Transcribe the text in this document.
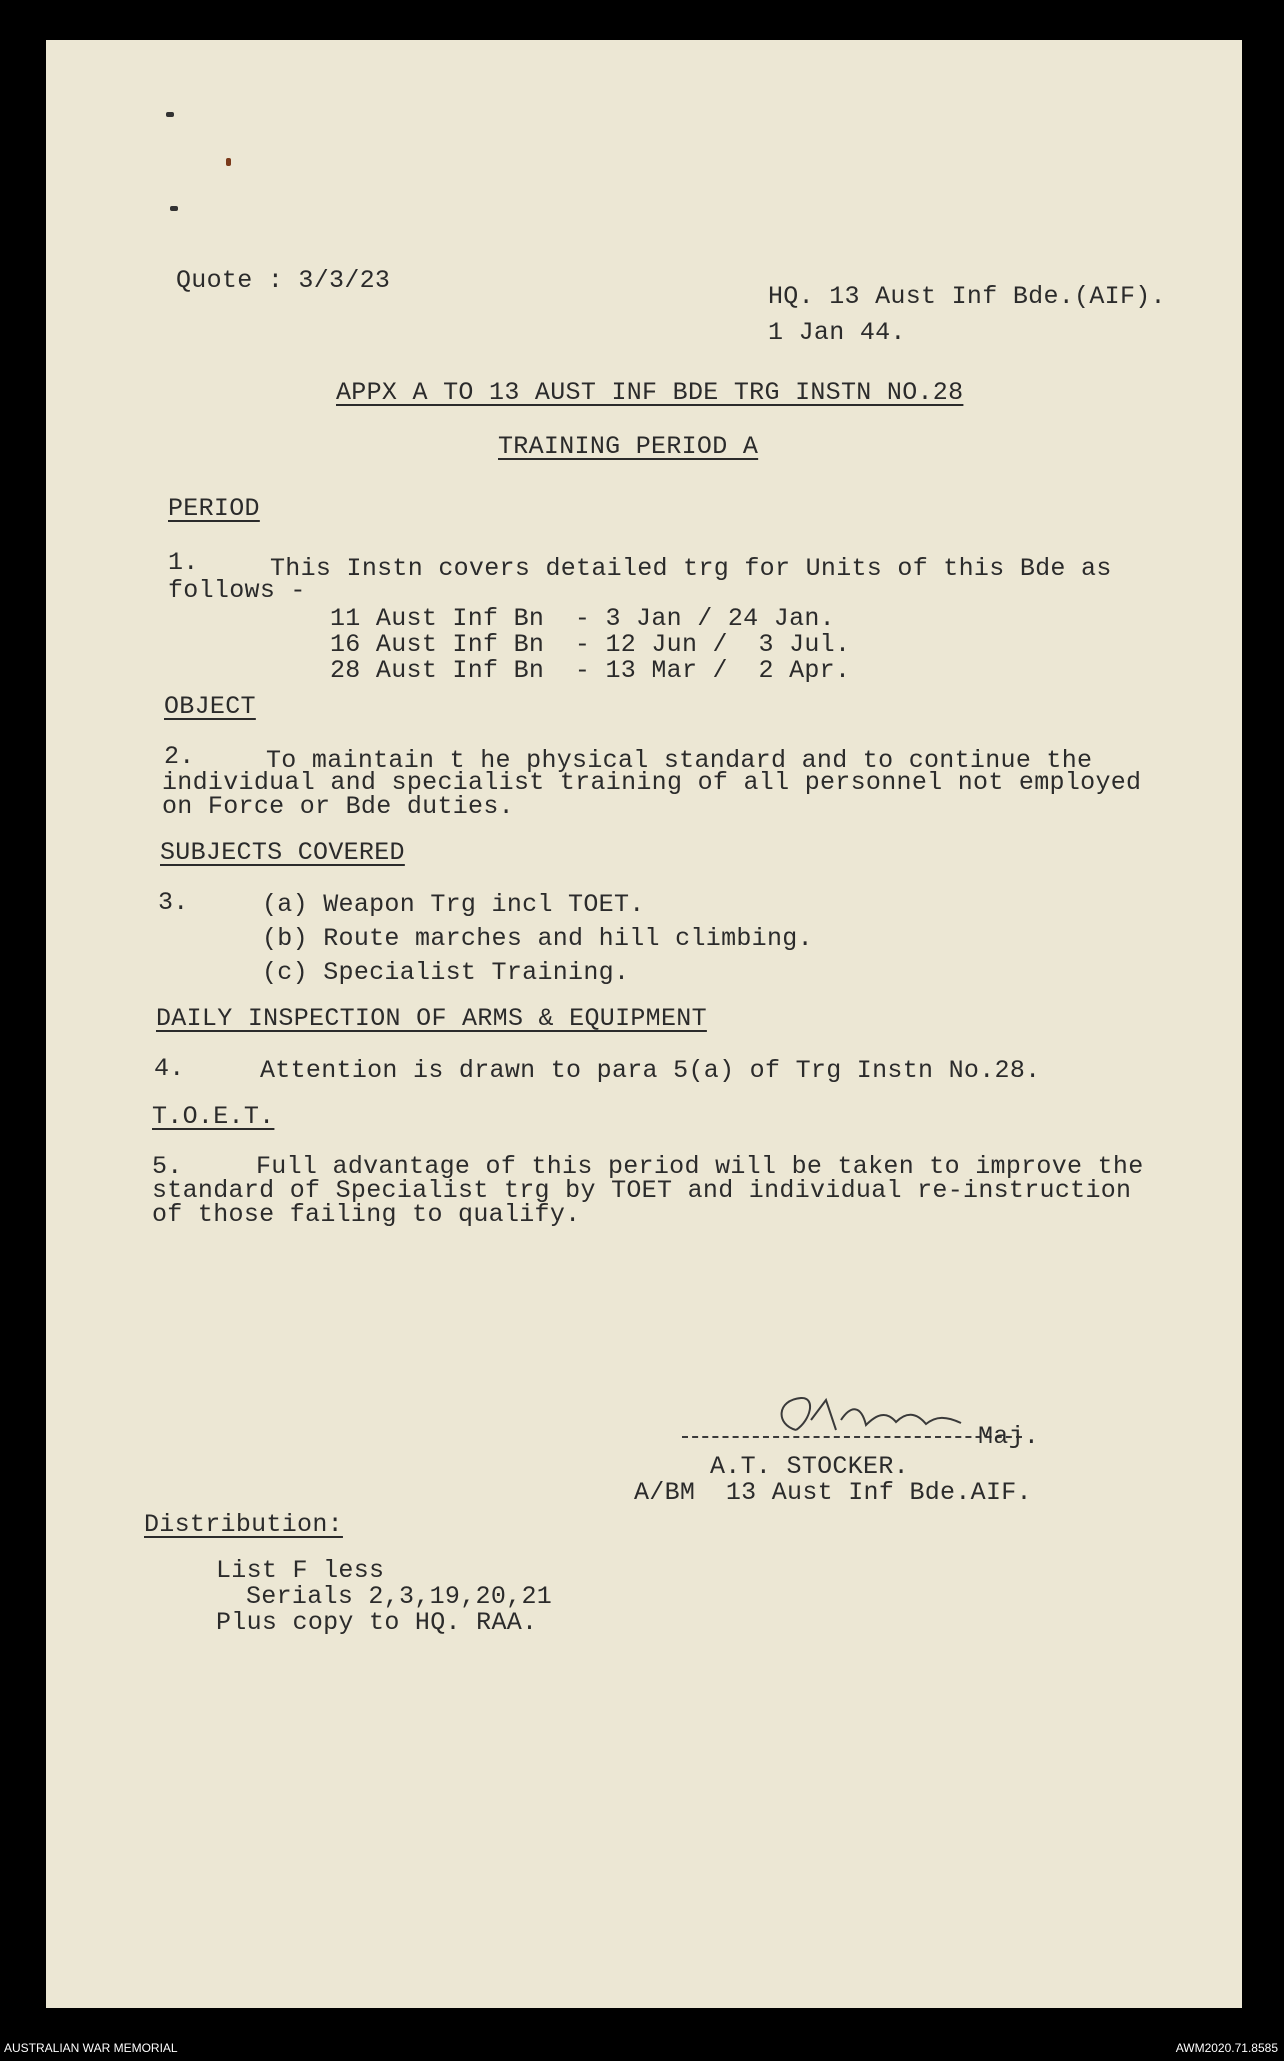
Quote : 3/3/23
HQ. 13 Aust Inf Bde.(AIF).
1 Jan 44.
APPX A TO 13 AUST INF BDE TRG INSTN NO.28
TRAINING PERIOD A
PERIOD
1.	This Instn covers detailed trg for Units of this Bde as
follows -
11 Aust Inf Bn  - 3 Jan / 24 Jan.
16 Aust Inf Bn  - 12 Jun /  3 Jul.
28 Aust Inf Bn  - 13 Mar /  2 Apr.
OBJECT
2.	To maintain t he physical standard and to continue the
individual and specialist training of all personnel not employed
on Force or Bde duties.
SUBJECTS COVERED
3.	(a) Weapon Trg incl TOET.
(b) Route marches and hill climbing.
(c) Specialist Training.
DAILY INSPECTION OF ARMS & EQUIPMENT
4.	Attention is drawn to para 5(a) of Trg Instn No.28.
T.O.E.T.
5.	Full advantage of this period will be taken to improve the
standard of Specialist trg by TOET and individual re-instruction
of those failing to qualify.
Maj.
A.T. STOCKER.
A/BM  13 Aust Inf Bde.AIF.
Distribution:
List F less
Serials 2,3,19,20,21
Plus copy to HQ. RAA.
AUSTRALIAN WAR MEMORIAL	AWM2020.71.8585
